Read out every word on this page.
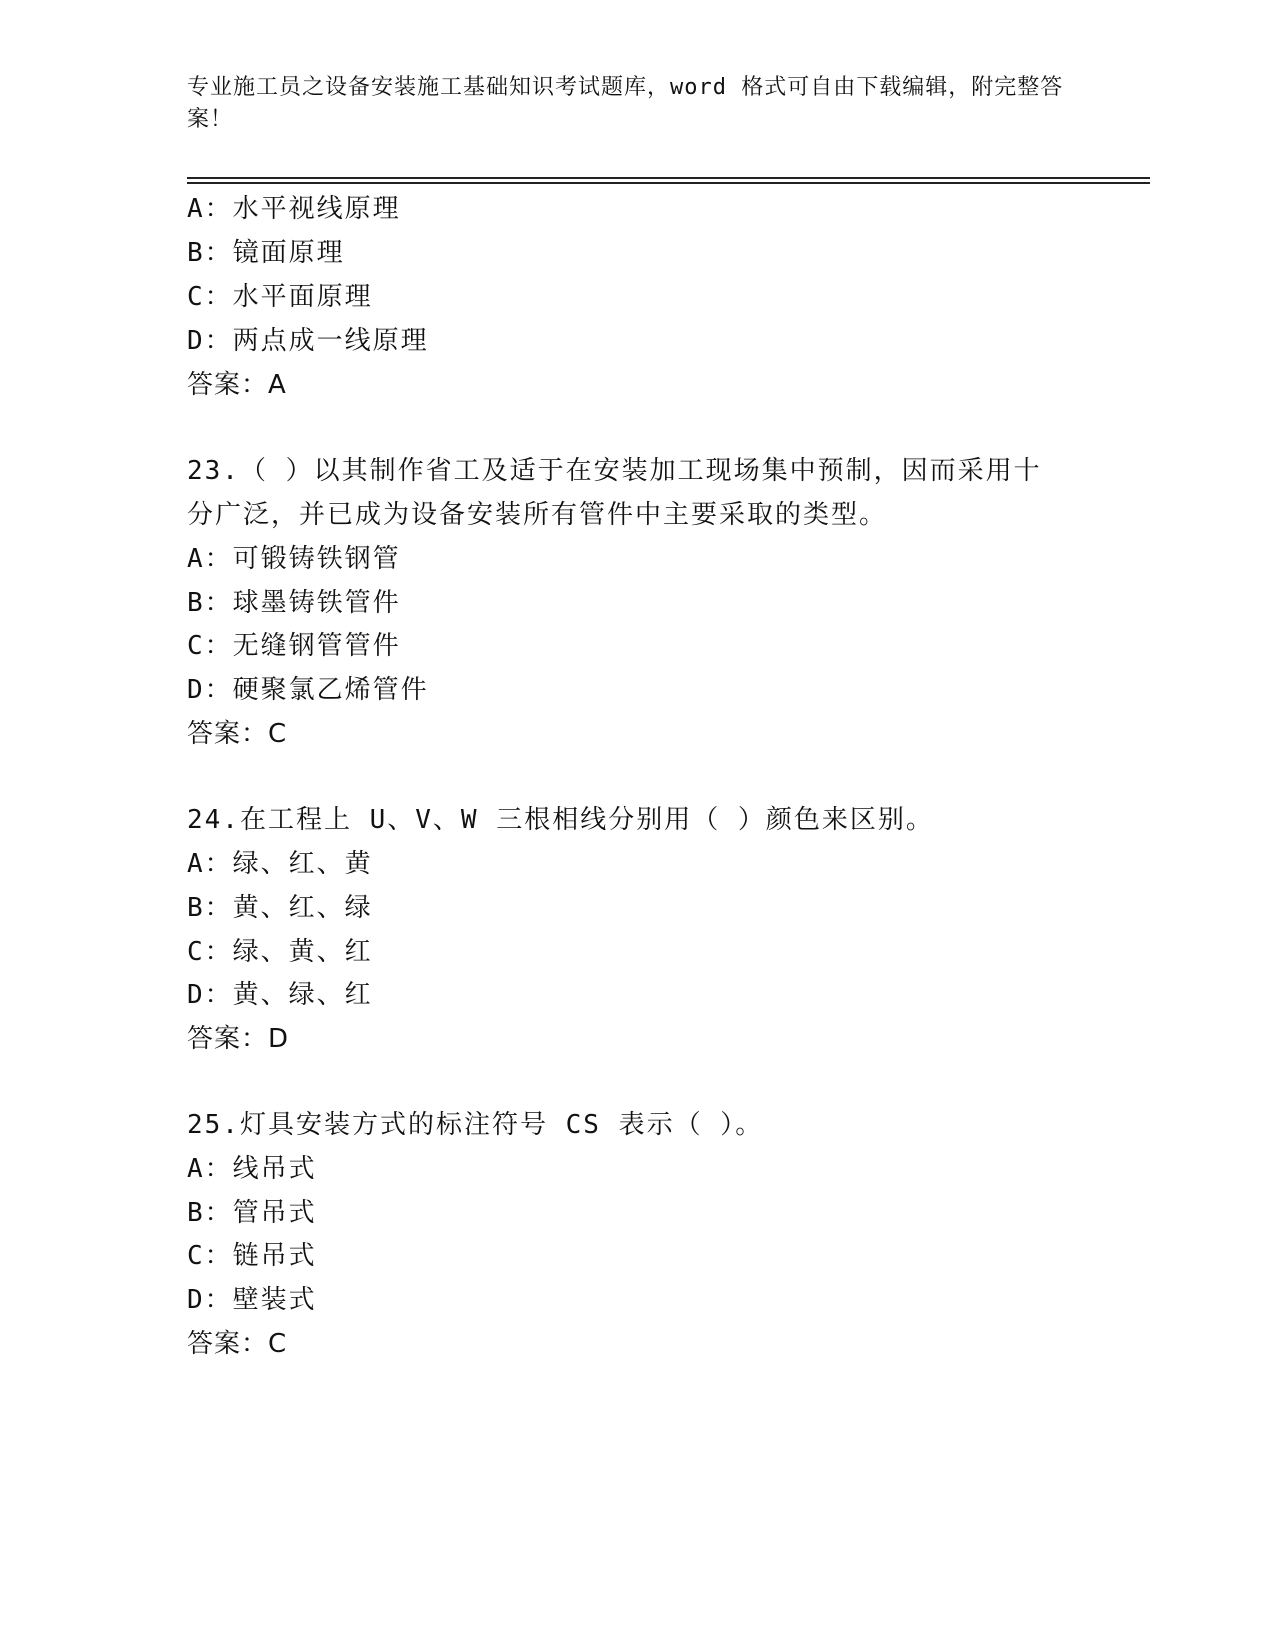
专业施工员之设备安装施工基础知识考试题库，word 格式可自由下载编辑，附完整答案！
A：水平视线原理
B：镜面原理
C：水平面原理
D：两点成一线原理
答案：A
23.（ ）以其制作省工及适于在安装加工现场集中预制，因而采用十
分广泛，并已成为设备安装所有管件中主要采取的类型。
A：可锻铸铁钢管
B：球墨铸铁管件
C：无缝钢管管件
D：硬聚氯乙烯管件
答案：C
24.在工程上 U、V、W 三根相线分别用（ ）颜色来区别。
A：绿、红、黄
B：黄、红、绿
C：绿、黄、红
D：黄、绿、红
答案：D
25.灯具安装方式的标注符号 CS 表示（ ）。
A：线吊式
B：管吊式
C：链吊式
D：壁装式
答案：C
